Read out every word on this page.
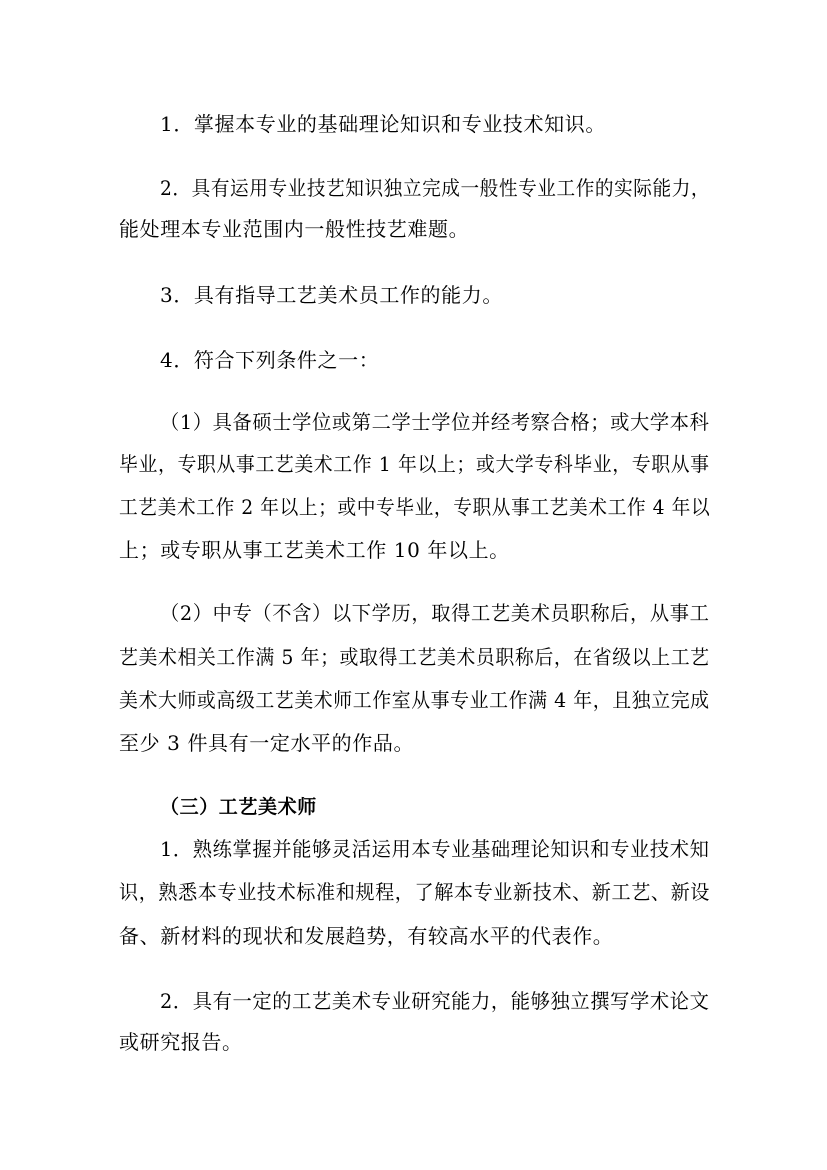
1．掌握本专业的基础理论知识和专业技术知识。
2．具有运用专业技艺知识独立完成一般性专业工作的实际能力，
能处理本专业范围内一般性技艺难题。
3．具有指导工艺美术员工作的能力。
4．符合下列条件之一：
（1）具备硕士学位或第二学士学位并经考察合格；或大学本科
毕业，专职从事工艺美术工作 1 年以上；或大学专科毕业，专职从事
工艺美术工作 2 年以上；或中专毕业，专职从事工艺美术工作 4 年以
上；或专职从事工艺美术工作 10 年以上。
（2）中专（不含）以下学历，取得工艺美术员职称后，从事工
艺美术相关工作满 5 年；或取得工艺美术员职称后，在省级以上工艺
美术大师或高级工艺美术师工作室从事专业工作满 4 年，且独立完成
至少 3 件具有一定水平的作品。
（三）工艺美术师
1．熟练掌握并能够灵活运用本专业基础理论知识和专业技术知
识，熟悉本专业技术标准和规程，了解本专业新技术、新工艺、新设
备、新材料的现状和发展趋势，有较高水平的代表作。
2．具有一定的工艺美术专业研究能力，能够独立撰写学术论文
或研究报告。
